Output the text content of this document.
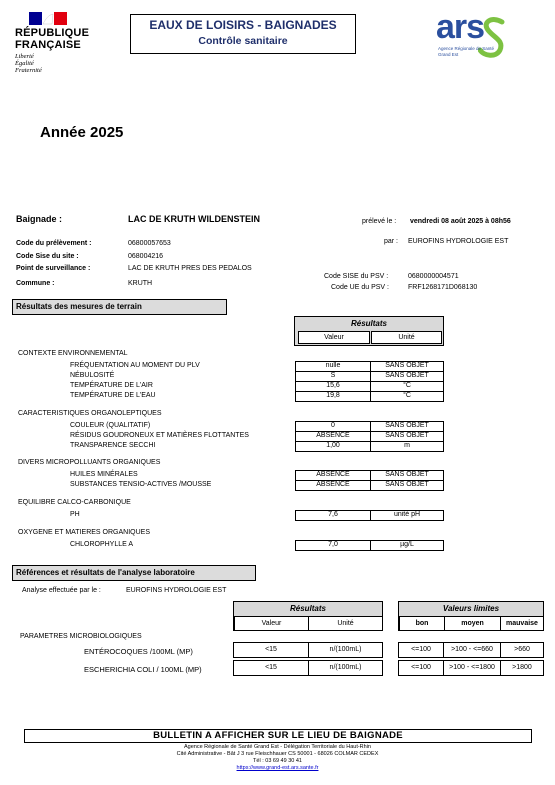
RÉPUBLIQUE
FRANÇAISE
Liberté
Égalité
Fraternité
EAUX DE LOISIRS - BAIGNADES
Contrôle sanitaire	ars
Agence Régionale de Santé
Grand Est
Année 2025
Baignade :	LAC DE KRUTH WILDENSTEIN	prélevé le : vendredi 08 août 2025 à 08h56
par : EUROFINS HYDROLOGIE EST
Code du prélèvement :	06800057653
Code Sise du site :	068004216
Point de surveillance :	LAC DE KRUTH PRES DES PEDALOS
Commune :	KRUTH
Code SISE du PSV :	0680000004571
Code UE du PSV :	FRF1268171D068130
Résultats des mesures de terrain
Résultats
Valeur	Unité
CONTEXTE ENVIRONNEMENTAL
FRÉQUENTATION AU MOMENT DU PLV	nulle	SANS OBJET
NÉBULOSITÉ	S	SANS OBJET
TEMPÉRATURE DE L'AIR	15,6	°C
TEMPÉRATURE DE L'EAU	19,8	°C
CARACTERISTIQUES ORGANOLEPTIQUES
COULEUR (QUALITATIF)	0	SANS OBJET
RÉSIDUS GOUDRONEUX ET MATIÈRES FLOTTANTES	ABSENCE	SANS OBJET
TRANSPARENCE SECCHI	1,00	m
DIVERS MICROPOLLUANTS ORGANIQUES
HUILES MINÉRALES	ABSENCE	SANS OBJET
SUBSTANCES TENSIO-ACTIVES /MOUSSE	ABSENCE	SANS OBJET
EQUILIBRE CALCO-CARBONIQUE
PH	7,6	unité pH
OXYGENE ET MATIERES ORGANIQUES
CHLOROPHYLLE A	7,0	µg/L
Références et résultats de l'analyse laboratoire
Analyse effectuée par le :	EUROFINS HYDROLOGIE EST
Résultats
Valeur	Unité
Valeurs limites
bon	moyen	mauvaise
PARAMETRES MICROBIOLOGIQUES
ENTÉROCOQUES /100ML (MP)	<15	n/(100mL)	<=100	>100 - <=660	>660
ESCHERICHIA COLI / 100ML (MP)	<15	n/(100mL)	<=100	>100 - <=1800	>1800
BULLETIN A AFFICHER SUR LE LIEU DE BAIGNADE
Agence Régionale de Santé Grand Est - Délégation Territoriale du Haut-Rhin
Cité Administrative - Bât J 3 rue Fleischhauer CS 50001 - 68026 COLMAR CEDEX
Tél : 03 69 49 30 41
https://www.grand-est.ars.sante.fr
